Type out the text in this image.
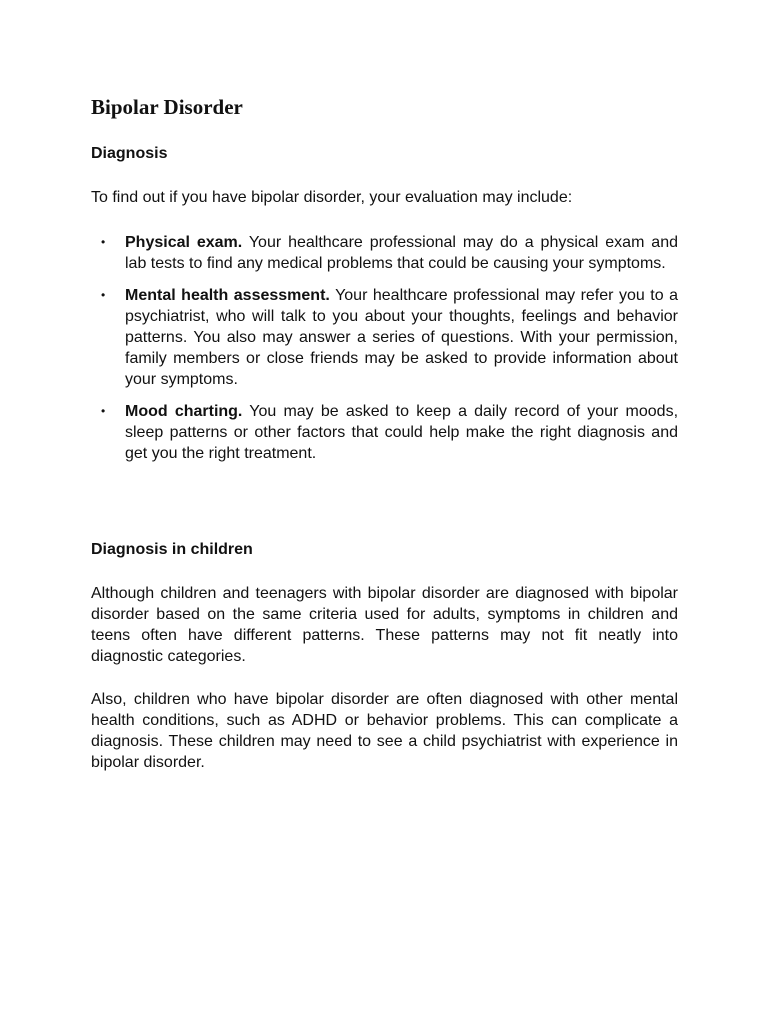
Bipolar Disorder
Diagnosis

To find out if you have bipolar disorder, your evaluation may include:

• Physical exam. Your healthcare professional may do a physical exam and lab tests to find any medical problems that could be causing your symptoms.
• Mental health assessment. Your healthcare professional may refer you to a psychiatrist, who will talk to you about your thoughts, feelings and behavior patterns. You also may answer a series of questions. With your permission, family members or close friends may be asked to provide information about your symptoms.
• Mood charting. You may be asked to keep a daily record of your moods, sleep patterns or other factors that could help make the right diagnosis and get you the right treatment.
Diagnosis in children

Although children and teenagers with bipolar disorder are diagnosed with bipolar disorder based on the same criteria used for adults, symptoms in children and teens often have different patterns. These patterns may not fit neatly into diagnostic categories.

Also, children who have bipolar disorder are often diagnosed with other mental health conditions, such as ADHD or behavior problems. This can complicate a diagnosis. These children may need to see a child psychiatrist with experience in bipolar disorder.
